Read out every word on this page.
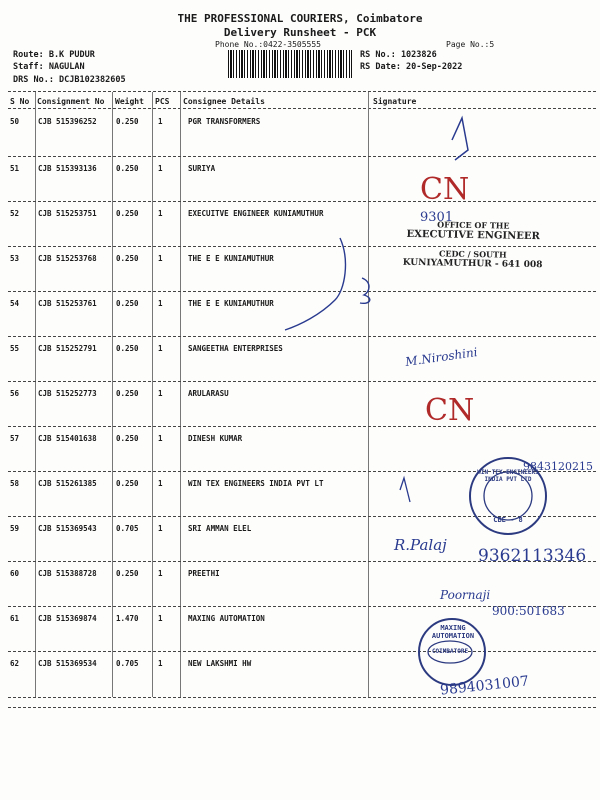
THE PROFESSIONAL COURIERS, Coimbatore
Delivery Runsheet - PCK
Phone No.:0422-3505555	Page No.:5
Route: B.K PUDUR
Staff: NAGULAN
DRS No.: DCJB102382605
RS No.: 1023826
RS Date: 20-Sep-2022
S No Consignment No Weight PCS Consignee Details	Signature
50	CJB 515396252	0.250	1	PGR TRANSFORMERS
51	CJB 515393136	0.250	1	SURIYA
52	CJB 515253751	0.250	1	EXECUITVE ENGINEER KUNIAMUTHUR
53	CJB 515253768	0.250	1	THE E E KUNIAMUTHUR
54	CJB 515253761	0.250	1	THE E E KUNIAMUTHUR
55	CJB 515252791	0.250	1	SANGEETHA ENTERPRISES
56	CJB 515252773	0.250	1	ARULARASU
57	CJB 515401638	0.250	1	DINESH KUMAR
58	CJB 515261385	0.250	1	WIN TEX ENGINEERS INDIA PVT LT
59	CJB 515369543	0.705	1	SRI AMMAN ELEL
60	CJB 515388728	0.250	1	PREETHI
61	CJB 515369874	1.470	1	MAXING AUTOMATION
62	CJB 515369534	0.705	1	NEW LAKSHMI HW
CN
9301
OFFICE OF THE
EXECUTIVE ENGINEER
CEDC / SOUTH
KUNIYAMUTHUR - 641 008
M.Niroshini
CN
9843120215
WIN TEX ENGINEERS INDIA PVT LTD
CBE - 8
R.Palaj
9362113346
Poornaji
900:501683
MAXING AUTOMATION
COIMBATORE
9894031007
